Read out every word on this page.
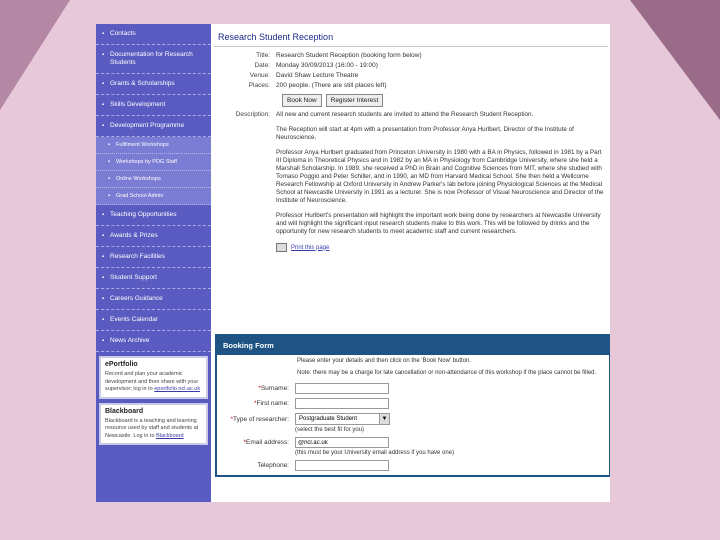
▪ Contacts
▪ Documentation for Research Students
▪ Grants & Scholarships
▪ Skills Development
▪ Development Programme
▪	Fulfilment Workshops
▪	Workshops by PDG Staff
▪	Online Workshops
▪	Grad School Admin
▪ Teaching Opportunities
▪ Awards & Prizes
▪ Research Facilities
▪ Student Support
▪ Careers Guidance
▪ Events Calendar
▪ News Archive
ePortfolio

Record and plan your academic development and then share with your supervisor; log in to eportfolio.ncl.ac.uk

Blackboard

Blackboard is a teaching and learning resource used by staff and students at Newcastle. Log in to Blackboard

Research Student Reception
Title: Research Student Reception (booking form below)
Date: Monday 30/09/2013 (16:00 - 19:00)
Venue: David Shaw Lecture Theatre
Places: 200 people. (There are still places left)
Book Now	Register Interest
Description: All new and current research students are invited to attend the Research Student Reception.

The Reception will start at 4pm with a presentation from Professor Anya Hurlbert, Director of the Institute of Neuroscience.

Professor Anya Hurlbert graduated from Princeton University in 1980 with a BA in Physics, followed in 1981 by a Part III Diploma in Theoretical Physics and in 1982 by an MA in Physiology from Cambridge University, where she held a Marshall Scholarship. In 1989, she received a PhD in Brain and Cognitive Sciences from MIT, where she studied with Tomaso Poggio and Peter Schiller, and in 1990, an MD from Harvard Medical School. She then held a Wellcome Research Fellowship at Oxford University in Andrew Parker's lab before joining Physiological Sciences at the Medical School at Newcastle University in 1991 as a lecturer. She is now Professor of Visual Neuroscience and Director of the Institute of Neuroscience.

Professor Hurlbert's presentation will highlight the important work being done by researchers at Newcastle University and will highlight the significant input research students make to this work. This will be followed by drinks and the opportunity for new research students to meet academic staff and current researchers.

Print this page
Booking Form
Please enter your details and then click on the 'Book Now' button.
Note: there may be a charge for late cancellation or non-attendance of this workshop if the place cannot be filled.
*Surname:
*First name:
*Type of researcher:	Postgraduate Student	▼
(select the best fit for you)
*Email address:
@ncl.ac.uk
(this must be your University email address if you have one)
Telephone:
